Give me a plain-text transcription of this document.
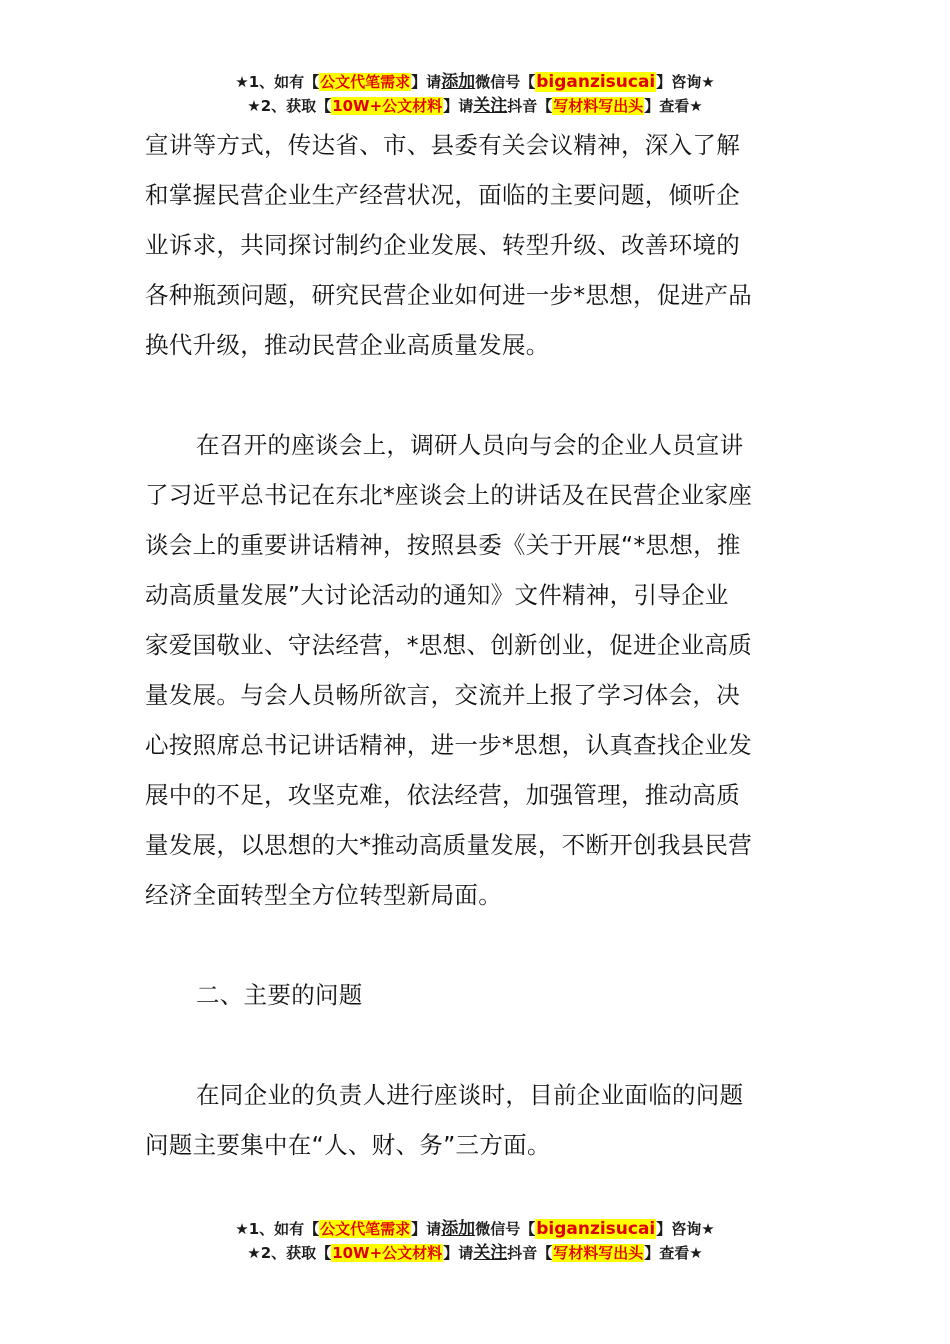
★1、如有【公文代笔需求】请添加微信号【biganzisucai】咨询★
★2、获取【10W+公文材料】请关注抖音【写材料写出头】查看★

宣讲等方式，传达省、市、县委有关会议精神，深入了解
和掌握民营企业生产经营状况，面临的主要问题，倾听企
业诉求，共同探讨制约企业发展、转型升级、改善环境的
各种瓶颈问题，研究民营企业如何进一步*思想，促进产品
换代升级，推动民营企业高质量发展。

在召开的座谈会上，调研人员向与会的企业人员宣讲
了习近平总书记在东北*座谈会上的讲话及在民营企业家座
谈会上的重要讲话精神，按照县委《关于开展“*思想，推
动高质量发展”大讨论活动的通知》文件精神，引导企业
家爱国敬业、守法经营，*思想、创新创业，促进企业高质
量发展。与会人员畅所欲言，交流并上报了学习体会，决
心按照席总书记讲话精神，进一步*思想，认真查找企业发
展中的不足，攻坚克难，依法经营，加强管理，推动高质
量发展，以思想的大*推动高质量发展，不断开创我县民营
经济全面转型全方位转型新局面。

二、主要的问题

在同企业的负责人进行座谈时，目前企业面临的问题
问题主要集中在“人、财、务”三方面。

★1、如有【公文代笔需求】请添加微信号【biganzisucai】咨询★
★2、获取【10W+公文材料】请关注抖音【写材料写出头】查看★
